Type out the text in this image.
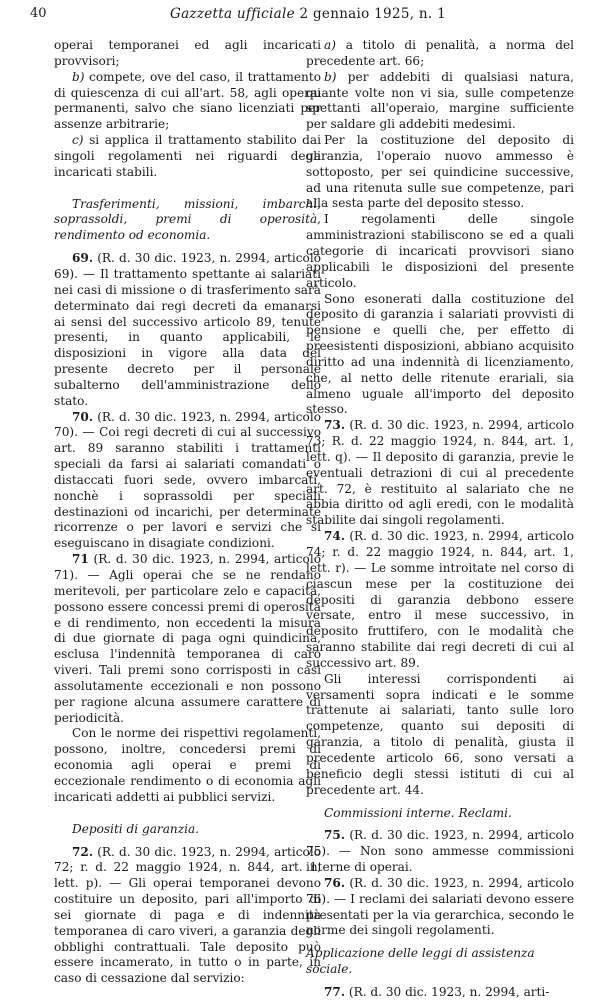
40	Gazzetta ufficiale 2 gennaio 1925, n. 1

operai temporanei ed agli incaricati provvisori;

b) compete, ove del caso, il trattamento di quiescenza di cui all'art. 58, agli operai permanenti, salvo che siano licenziati per assenze arbitrarie;

c) si applica il trattamento stabilito dai singoli regolamenti nei riguardi degli incaricati stabili.

Trasferimenti, missioni, imbarchi, soprassoldi, premi di operosità, rendimento od economia.

69. (R. d. 30 dic. 1923, n. 2994, articolo 69). — Il trattamento spettante ai salariati nei casi di missione o di trasferimento sarà determinato dai regi decreti da emanarsi ai sensi del successivo articolo 89, tenute presenti, in quanto applicabili, le disposizioni in vigore alla data del presente decreto per il personale subalterno dell'amministrazione dello stato.

70. (R. d. 30 dic. 1923, n. 2994, articolo 70). — Coi regi decreti di cui al successivo art. 89 saranno stabiliti i trattamenti speciali da farsi ai salariati comandati o distaccati fuori sede, ovvero imbarcati, nonchè i soprassoldi per speciali destinazioni od incarichi, per determinate ricorrenze o per lavori e servizi che si eseguiscano in disagiate condizioni.

71 (R. d. 30 dic. 1923, n. 2994, articolo 71). — Agli operai che se ne rendano meritevoli, per particolare zelo e capacità, possono essere concessi premi di operosità e di rendimento, non eccedenti la misura di due giornate di paga ogni quindicina, esclusa l'indennità temporanea di caro viveri. Tali premi sono corrisposti in casi assolutamente eccezionali e non possono per ragione alcuna assumere carattere di periodicità.

Con le norme dei rispettivi regolamenti, possono, inoltre, concedersi premi di economia agli operai e premi di eccezionale rendimento o di economia agli incaricati addetti ai pubblici servizi.

Depositi di garanzia.

72. (R. d. 30 dic. 1923, n. 2994, articolo 72; r. d. 22 maggio 1924, n. 844, art. 1, lett. p). — Gli operai temporanei devono costituire un deposito, pari all'importo di sei giornate di paga e di indennità temporanea di caro viveri, a garanzia degli obblighi contrattuali. Tale deposito può essere incamerato, in tutto o in parte, in caso di cessazione dal servizio:

a) a titolo di penalità, a norma del precedente art. 66;

b) per addebiti di qualsiasi natura, quante volte non vi sia, sulle competenze spettanti all'operaio, margine sufficiente per saldare gli addebiti medesimi.

Per la costituzione del deposito di garanzia, l'operaio nuovo ammesso è sottoposto, per sei quindicine successive, ad una ritenuta sulle sue competenze, pari alla sesta parte del deposito stesso.

I regolamenti delle singole amministrazioni stabiliscono se ed a quali categorie di incaricati provvisori siano applicabili le disposizioni del presente articolo.

Sono esonerati dalla costituzione del deposito di garanzia i salariati provvisti di pensione e quelli che, per effetto di preesistenti disposizioni, abbiano acquisito diritto ad una indennità di licenziamento, che, al netto delle ritenute erariali, sia almeno uguale all'importo del deposito stesso.

73. (R. d. 30 dic. 1923, n. 2994, articolo 73; R. d. 22 maggio 1924, n. 844, art. 1, lett. q). — Il deposito di garanzia, previe le eventuali detrazioni di cui al precedente art. 72, è restituito al salariato che ne abbia diritto od agli eredi, con le modalità stabilite dai singoli regolamenti.

74. (R. d. 30 dic. 1923, n. 2994, articolo 74; r. d. 22 maggio 1924, n. 844, art. 1, lett. r). — Le somme introitate nel corso di ciascun mese per la costituzione dei depositi di garanzia debbono essere versate, entro il mese successivo, in deposito fruttifero, con le modalità che saranno stabilite dai regi decreti di cui al successivo art. 89.

Gli interessi corrispondenti ai versamenti sopra indicati e le somme trattenute ai salariati, tanto sulle loro competenze, quanto sui depositi di garanzia, a titolo di penalità, giusta il precedente articolo 66, sono versati a beneficio degli stessi istituti di cui al precedente art. 44.

Commissioni interne. Reclami.

75. (R. d. 30 dic. 1923, n. 2994, articolo 75). — Non sono ammesse commissioni interne di operai.

76. (R. d. 30 dic. 1923, n. 2994, articolo 76). — I reclami dei salariati devono essere presentati per la via gerarchica, secondo le norme dei singoli regolamenti.

Applicazione delle leggi di assistenza sociale.

77. (R. d. 30 dic. 1923, n. 2994, arti-
